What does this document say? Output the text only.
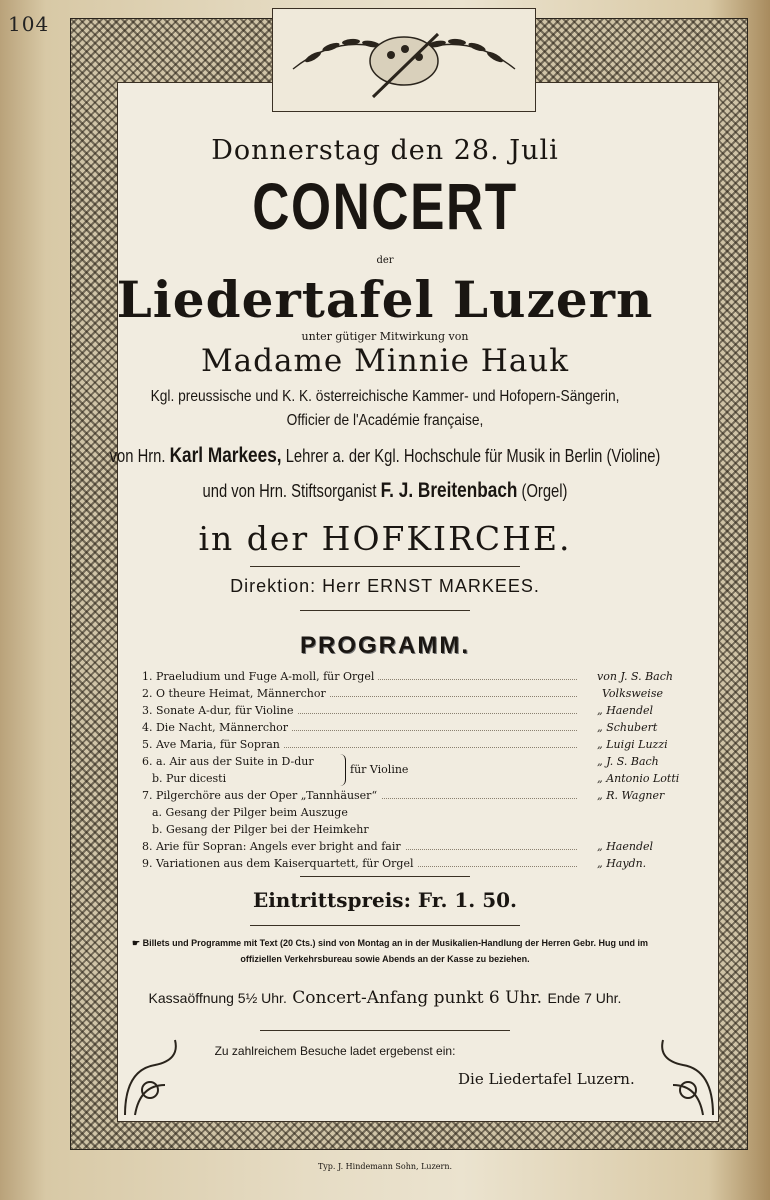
104
Donnerstag den 28. Juli
CONCERT
der
Liedertafel Luzern
unter gütiger Mitwirkung von
Madame Minnie Hauk
Kgl. preussische und K. K. österreichische Kammer- und Hofopern-Sängerin,
Officier de l'Académie française,
von Hrn. Karl Markees, Lehrer a. der Kgl. Hochschule für Musik in Berlin (Violine)
und von Hrn. Stiftsorganist F. J. Breitenbach (Orgel)
in der HOFKIRCHE.
Direktion: Herr ERNST MARKEES.
PROGRAMM.
1. Praeludium und Fuge A-moll, für Orgel	von J. S. Bach
2. O theure Heimat, Männerchor	Volksweise
3. Sonate A-dur, für Violine	„ Haendel
4. Die Nacht, Männerchor	„ Schubert
5. Ave Maria, für Sopran	„ Luigi Luzzi
6. a. Air aus der Suite in D-dur	„ J. S. Bach
b. Pur dicesti	„ Antonio Lotti
für Violine
7. Pilgerchöre aus der Oper „Tannhäuser“	„ R. Wagner
a. Gesang der Pilger beim Auszuge
b. Gesang der Pilger bei der Heimkehr
8. Arie für Sopran: Angels ever bright and fair	„ Haendel
9. Variationen aus dem Kaiserquartett, für Orgel	„ Haydn.
Eintrittspreis: Fr. 1. 50.
☛ Billets und Programme mit Text (20 Cts.) sind von Montag an in der Musikalien-Handlung der Herren Gebr. Hug und im
offiziellen Verkehrsbureau sowie Abends an der Kasse zu beziehen.
Kassaöffnung 5½ Uhr. Concert-Anfang punkt 6 Uhr. Ende 7 Uhr.
Zu zahlreichem Besuche ladet ergebenst ein:
Die Liedertafel Luzern.
Typ. J. Hindemann Sohn, Luzern.
